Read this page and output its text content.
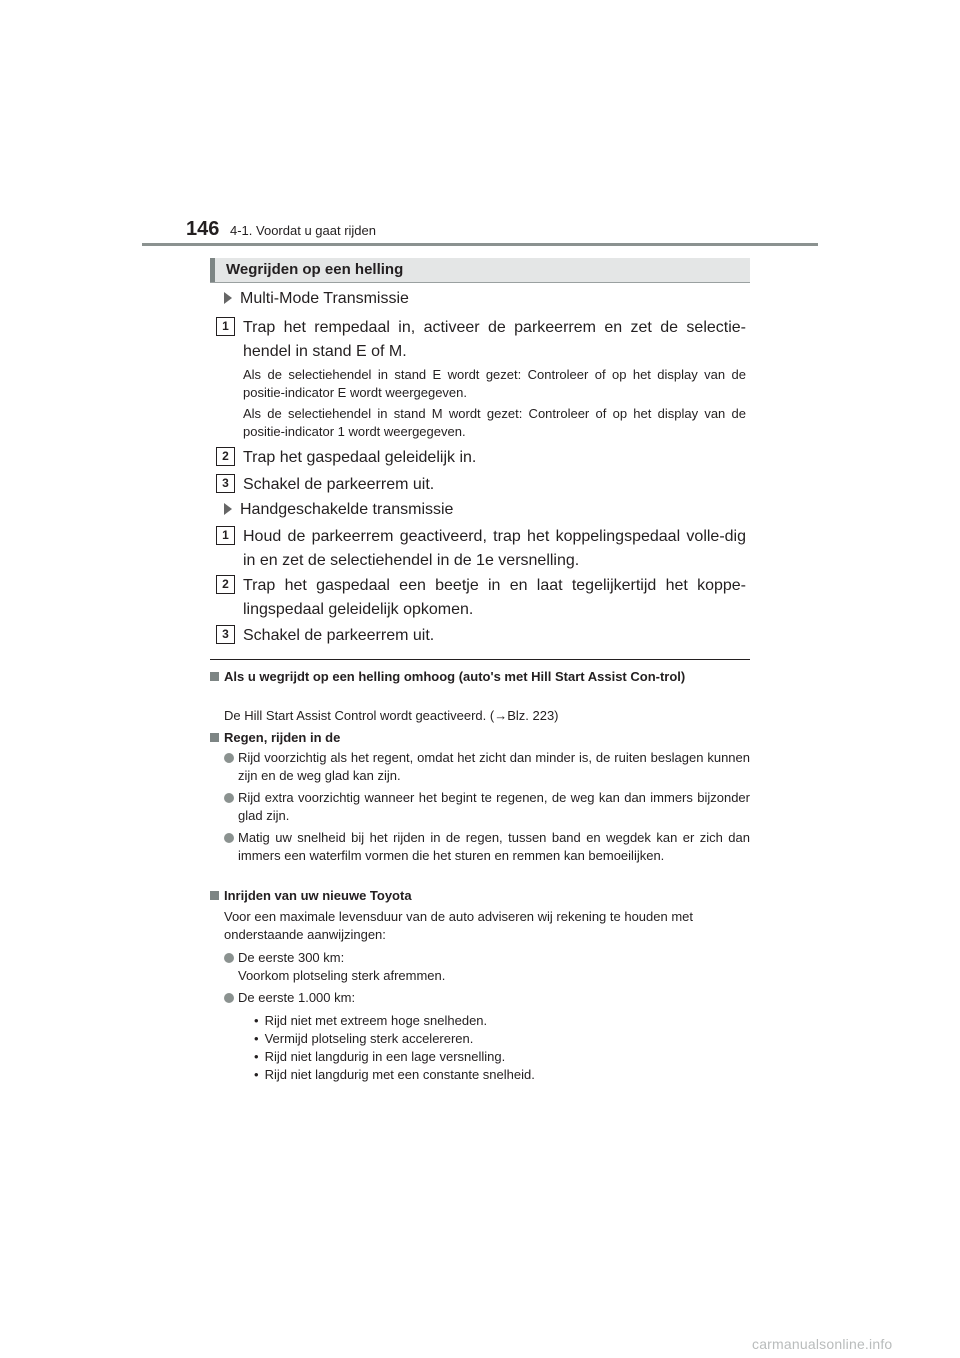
146 4-1. Voordat u gaat rijden
Wegrijden op een helling
Multi-Mode Transmissie
1 Trap het rempedaal in, activeer de parkeerrem en zet de selectie-hendel in stand E of M.
Als de selectiehendel in stand E wordt gezet: Controleer of op het display van de positie-indicator E wordt weergegeven.
Als de selectiehendel in stand M wordt gezet: Controleer of op het display van de positie-indicator 1 wordt weergegeven.
2 Trap het gaspedaal geleidelijk in.
3 Schakel de parkeerrem uit.
Handgeschakelde transmissie
1 Houd de parkeerrem geactiveerd, trap het koppelingspedaal volle-dig in en zet de selectiehendel in de 1e versnelling.
2 Trap het gaspedaal een beetje in en laat tegelijkertijd het koppe-lingspedaal geleidelijk opkomen.
3 Schakel de parkeerrem uit.
Als u wegrijdt op een helling omhoog (auto's met Hill Start Assist Con-trol)
De Hill Start Assist Control wordt geactiveerd. (→Blz. 223)
Regen, rijden in de
Rijd voorzichtig als het regent, omdat het zicht dan minder is, de ruiten beslagen kunnen zijn en de weg glad kan zijn.
Rijd extra voorzichtig wanneer het begint te regenen, de weg kan dan immers bijzonder glad zijn.
Matig uw snelheid bij het rijden in de regen, tussen band en wegdek kan er zich dan immers een waterfilm vormen die het sturen en remmen kan bemoeilijken.
Inrijden van uw nieuwe Toyota
Voor een maximale levensduur van de auto adviseren wij rekening te houden met onderstaande aanwijzingen:
De eerste 300 km:
Voorkom plotseling sterk afremmen.
De eerste 1.000 km:
• Rijd niet met extreem hoge snelheden.
• Vermijd plotseling sterk accelereren.
• Rijd niet langdurig in een lage versnelling.
• Rijd niet langdurig met een constante snelheid.
carmanualsonline.info
